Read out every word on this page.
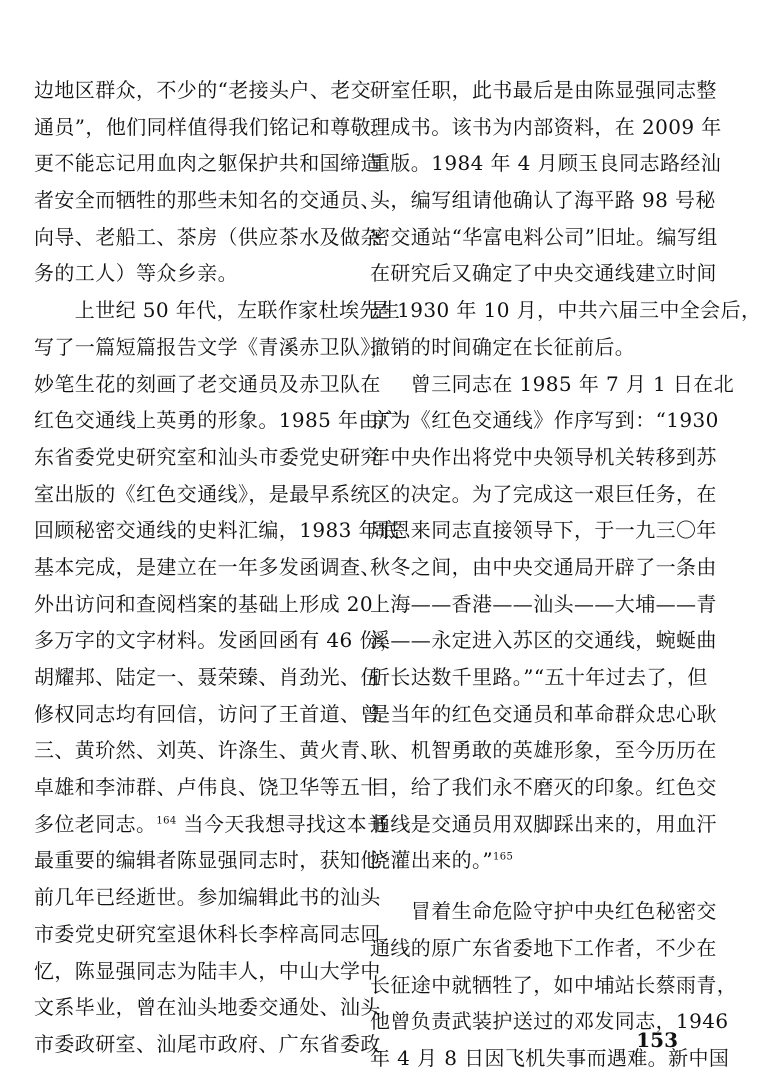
边地区群众，不少的“老接头户、老交
通员”，他们同样值得我们铭记和尊敬。
更不能忘记用血肉之躯保护共和国缔造
者安全而牺牲的那些未知名的交通员、
向导、老船工、茶房（供应茶水及做杂
务的工人）等众乡亲。
　　上世纪 50 年代，左联作家杜埃先生
写了一篇短篇报告文学《青溪赤卫队》，
妙笔生花的刻画了老交通员及赤卫队在
红色交通线上英勇的形象。1985 年由广
东省委党史研究室和汕头市委党史研究
室出版的《红色交通线》，是最早系统
回顾秘密交通线的史料汇编，1983 年底
基本完成，是建立在一年多发函调查、
外出访问和查阅档案的基础上形成 20
多万字的文字材料。发函回函有 46 份，
胡耀邦、陆定一、聂荣臻、肖劲光、伍
修权同志均有回信，访问了王首道、曾
三、黄玠然、刘英、许涤生、黄火青、
卓雄和李沛群、卢伟良、饶卫华等五十
多位老同志。$^{164}$ 当今天我想寻找这本书
最重要的编辑者陈显强同志时，获知他
前几年已经逝世。参加编辑此书的汕头
市委党史研究室退休科长李梓高同志回
忆，陈显强同志为陆丰人，中山大学中
文系毕业，曾在汕头地委交通处、汕头
市委政研室、汕尾市政府、广东省委政
研室任职，此书最后是由陈显强同志整
理成书。该书为内部资料，在 2009 年
重版。1984 年 4 月顾玉良同志路经汕
头，编写组请他确认了海平路 98 号秘
密交通站“华富电料公司”旧址。编写组
在研究后又确定了中央交通线建立时间
是 1930 年 10 月，中共六届三中全会后，
撤销的时间确定在长征前后。
　　曾三同志在 1985 年 7 月 1 日在北
京为《红色交通线》作序写到：“1930
年中央作出将党中央领导机关转移到苏
区的决定。为了完成这一艰巨任务，在
周恩来同志直接领导下，于一九三〇年
秋冬之间，由中央交通局开辟了一条由
上海——香港——汕头——大埔——青
溪——永定进入苏区的交通线，蜿蜒曲
折长达数千里路。”“五十年过去了，但
是当年的红色交通员和革命群众忠心耿
耿、机智勇敢的英雄形象，至今历历在
目，给了我们永不磨灭的印象。红色交
通线是交通员用双脚踩出来的，用血汗
浇灌出来的。”$^{165}$
　　冒着生命危险守护中央红色秘密交
通线的原广东省委地下工作者，不少在
长征途中就牺牲了，如中埔站长蔡雨青，
他曾负责武装护送过的邓发同志，1946
年 4 月 8 日因飞机失事而遇难。新中国
153
